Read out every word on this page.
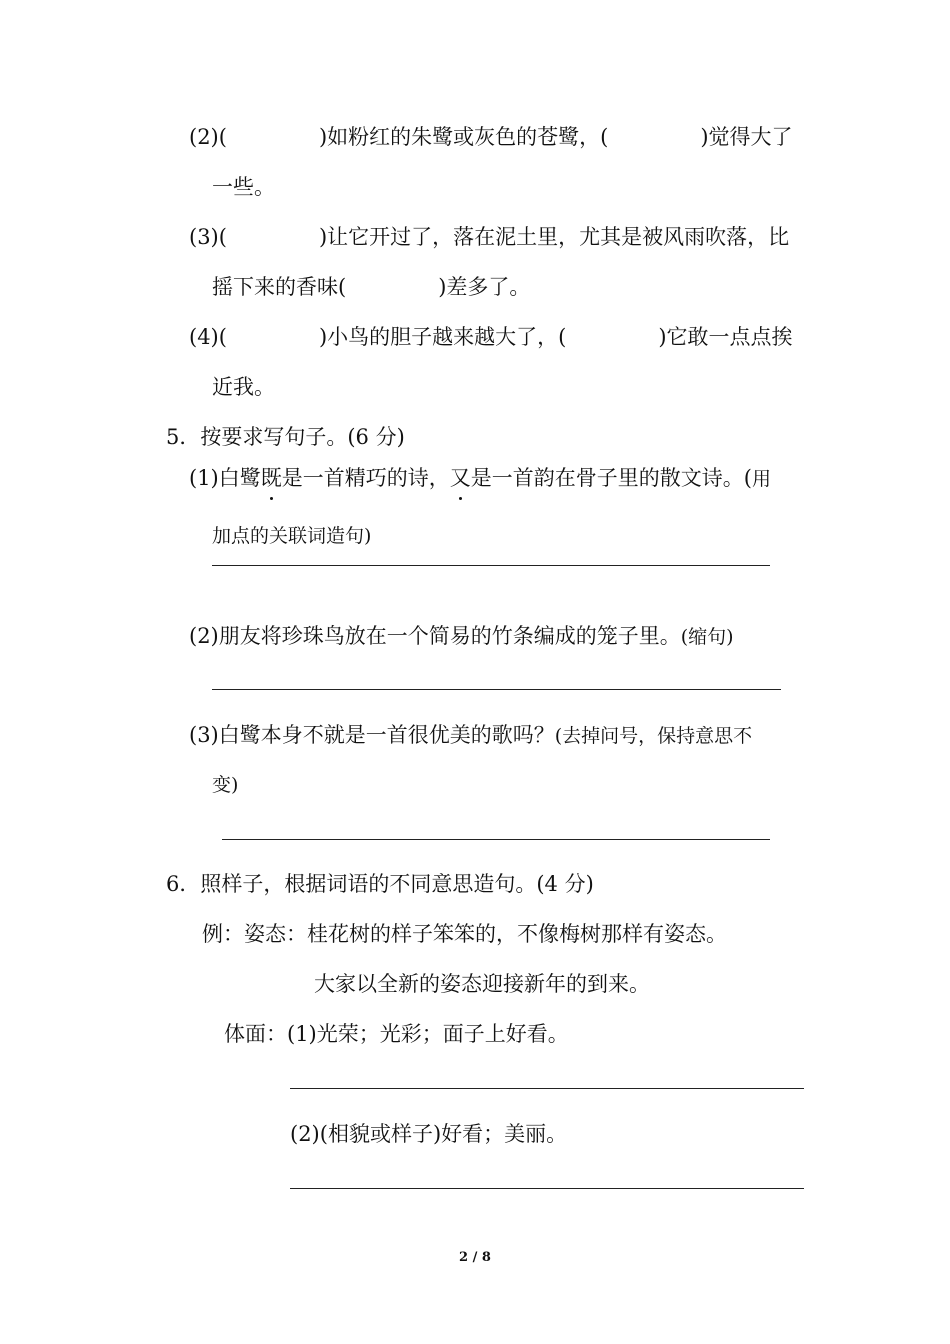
(2)(	)如粉红的朱鹭或灰色的苍鹭，(	)觉得大了

一些。

(3)(	)让它开过了，落在泥土里，尤其是被风雨吹落，比

摇下来的香味(	)差多了。

(4)(	)小鸟的胆子越来越大了，(	)它敢一点点挨

近我。

5．按要求写句子。(6 分)

(1)白鹭既是一首精巧的诗，又是一首韵在骨子里的散文诗。(用

加点的关联词造句)

(2)朋友将珍珠鸟放在一个简易的竹条编成的笼子里。(缩句)

(3)白鹭本身不就是一首很优美的歌吗？(去掉问号，保持意思不

变)

6．照样子，根据词语的不同意思造句。(4 分)

例：姿态：桂花树的样子笨笨的，不像梅树那样有姿态。

大家以全新的姿态迎接新年的到来。

体面：(1)光荣；光彩；面子上好看。

(2)(相貌或样子)好看；美丽。

2 / 8
